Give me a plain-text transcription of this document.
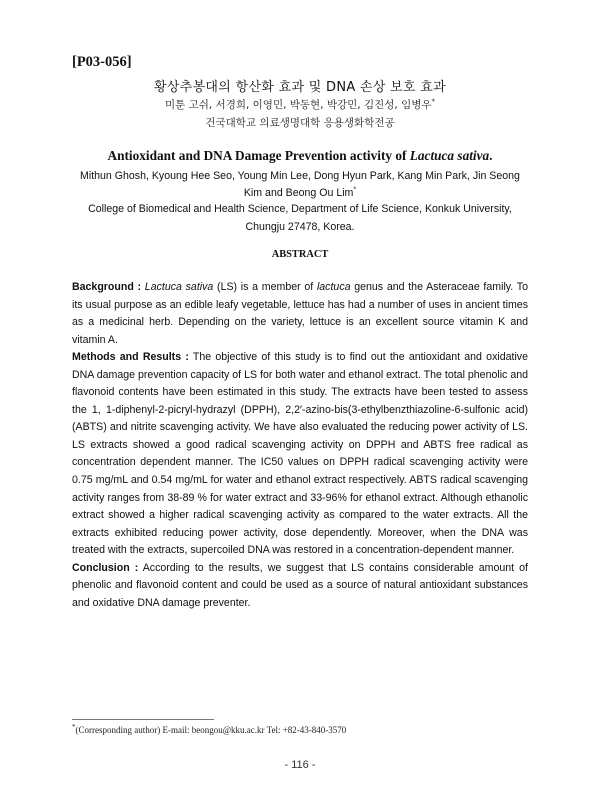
[P03-056]
황상추봉대의 항산화 효과 및 DNA 손상 보호 효과
미툰 고쉬, 서경희, 이영민, 박동현, 박강민, 김진성, 임병우*
건국대학교 의료생명대학 응용생화학전공
Antioxidant and DNA Damage Prevention activity of Lactuca sativa.
Mithun Ghosh, Kyoung Hee Seo, Young Min Lee, Dong Hyun Park, Kang Min Park, Jin Seong Kim and Beong Ou Lim*
College of Biomedical and Health Science, Department of Life Science, Konkuk University, Chungju 27478, Korea.
ABSTRACT

Background : Lactuca sativa (LS) is a member of lactuca genus and the Asteraceae family. To its usual purpose as an edible leafy vegetable, lettuce has had a number of uses in ancient times as a medicinal herb. Depending on the variety, lettuce is an excellent source vitamin K and vitamin A.

Methods and Results : The objective of this study is to find out the antioxidant and oxidative DNA damage prevention capacity of LS for both water and ethanol extract. The total phenolic and flavonoid contents have been estimated in this study. The extracts have been tested to assess the 1, 1-diphenyl-2-picryl-hydrazyl (DPPH), 2,2′-azino-bis(3-ethylbenzthiazoline-6-sulfonic acid) (ABTS) and nitrite scavenging activity. We have also evaluated the reducing power activity of LS. LS extracts showed a good radical scavenging activity on DPPH and ABTS free radical as concentration dependent manner. The IC50 values on DPPH radical scavenging activity were 0.75 mg/mL and 0.54 mg/mL for water and ethanol extract respectively. ABTS radical scavenging activity ranges from 38-89 % for water extract and 33-96% for ethanol extract. Although ethanolic extract showed a higher radical scavenging activity as compared to the water extracts. All the extracts exhibited reducing power activity, dose dependently. Moreover, when the DNA was treated with the extracts, supercoiled DNA was restored in a concentration-dependent manner.

Conclusion : According to the results, we suggest that LS contains considerable amount of phenolic and flavonoid content and could be used as a source of natural antioxidant substances and oxidative DNA damage preventer.

*(Corresponding author) E-mail: beongou@kku.ac.kr Tel: +82-43-840-3570
- 116 -
